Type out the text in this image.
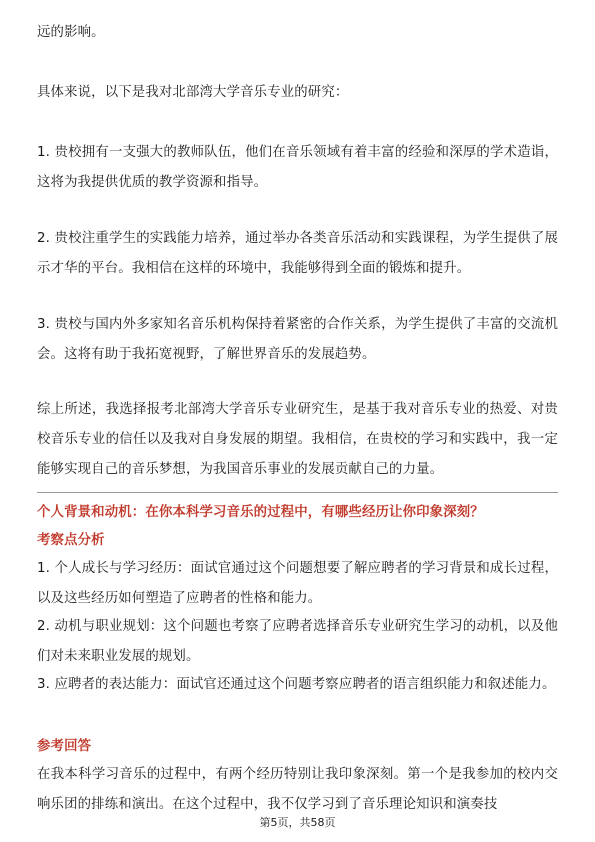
远的影响。

具体来说，以下是我对北部湾大学音乐专业的研究：

1. 贵校拥有一支强大的教师队伍，他们在音乐领域有着丰富的经验和深厚的学术造诣，这将为我提供优质的教学资源和指导。

2. 贵校注重学生的实践能力培养，通过举办各类音乐活动和实践课程，为学生提供了展示才华的平台。我相信在这样的环境中，我能够得到全面的锻炼和提升。

3. 贵校与国内外多家知名音乐机构保持着紧密的合作关系，为学生提供了丰富的交流机会。这将有助于我拓宽视野，了解世界音乐的发展趋势。

综上所述，我选择报考北部湾大学音乐专业研究生，是基于我对音乐专业的热爱、对贵校音乐专业的信任以及我对自身发展的期望。我相信，在贵校的学习和实践中，我一定能够实现自己的音乐梦想，为我国音乐事业的发展贡献自己的力量。

个人背景和动机：在你本科学习音乐的过程中，有哪些经历让你印象深刻？

考察点分析

1. 个人成长与学习经历：面试官通过这个问题想要了解应聘者的学习背景和成长过程，以及这些经历如何塑造了应聘者的性格和能力。

2. 动机与职业规划：这个问题也考察了应聘者选择音乐专业研究生学习的动机，以及他们对未来职业发展的规划。

3. 应聘者的表达能力：面试官还通过这个问题考察应聘者的语言组织能力和叙述能力。

参考回答

在我本科学习音乐的过程中，有两个经历特别让我印象深刻。第一个是我参加的校内交响乐团的排练和演出。在这个过程中，我不仅学习到了音乐理论知识和演奏技

第5页，共58页
